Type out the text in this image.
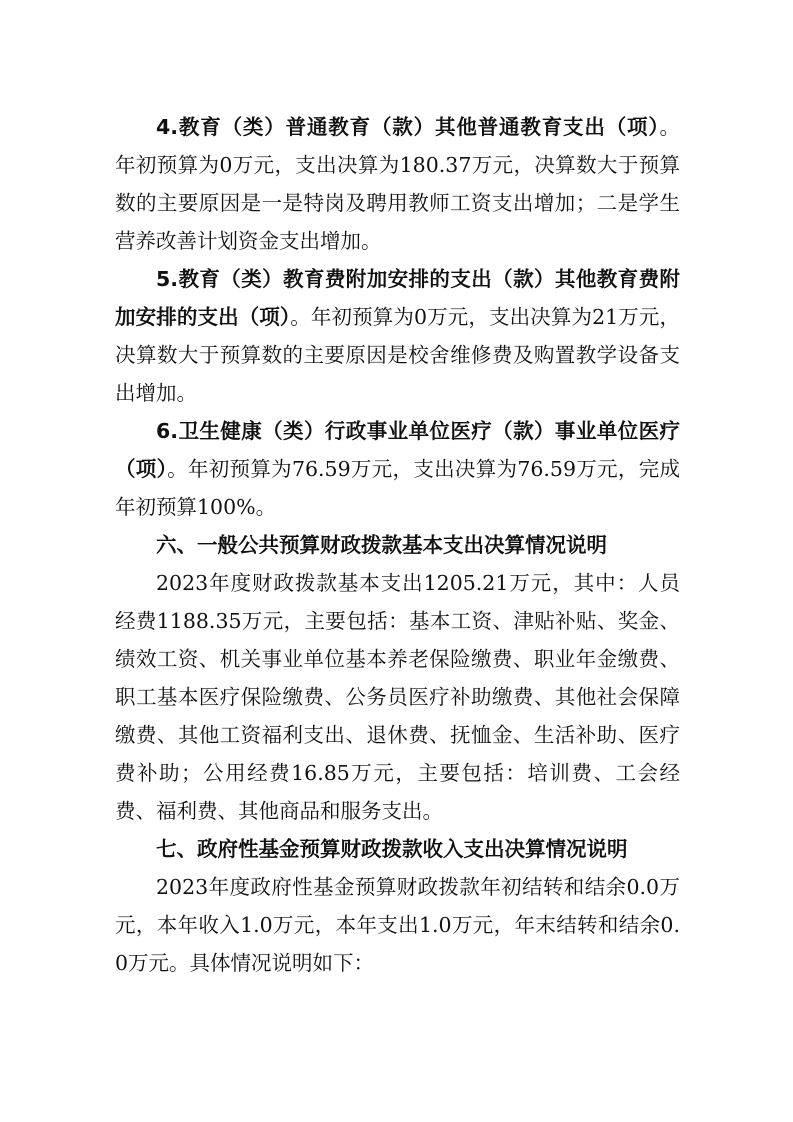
4.教育（类）普通教育（款）其他普通教育支出（项）。年初预算为0万元，支出决算为180.37万元，决算数大于预算数的主要原因是一是特岗及聘用教师工资支出增加；二是学生营养改善计划资金支出增加。

5.教育（类）教育费附加安排的支出（款）其他教育费附加安排的支出（项）。年初预算为0万元，支出决算为21万元，决算数大于预算数的主要原因是校舍维修费及购置教学设备支出增加。

6.卫生健康（类）行政事业单位医疗（款）事业单位医疗（项）。年初预算为76.59万元，支出决算为76.59万元，完成年初预算100%。

六、一般公共预算财政拨款基本支出决算情况说明

2023年度财政拨款基本支出1205.21万元，其中：人员经费1188.35万元，主要包括：基本工资、津贴补贴、奖金、绩效工资、机关事业单位基本养老保险缴费、职业年金缴费、职工基本医疗保险缴费、公务员医疗补助缴费、其他社会保障缴费、其他工资福利支出、退休费、抚恤金、生活补助、医疗费补助；公用经费16.85万元，主要包括：培训费、工会经费、福利费、其他商品和服务支出。

七、政府性基金预算财政拨款收入支出决算情况说明

2023年度政府性基金预算财政拨款年初结转和结余0.0万元，本年收入1.0万元，本年支出1.0万元，年末结转和结余0.0万元。具体情况说明如下：
